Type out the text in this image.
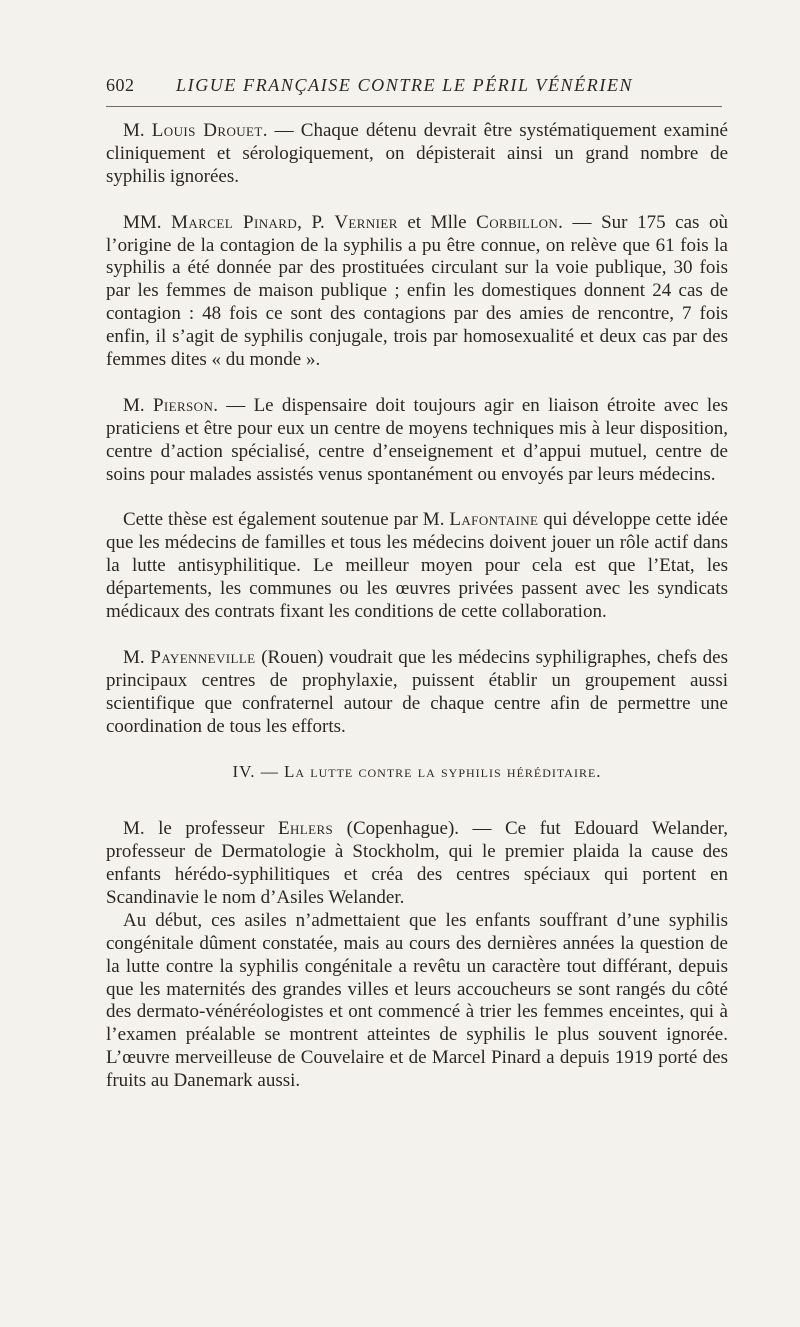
602 LIGUE FRANÇAISE CONTRE LE PÉRIL VÉNÉRIEN

M. Louis Drouet. — Chaque détenu devrait être systématiquement examiné cliniquement et sérologiquement, on dépisterait ainsi un grand nombre de syphilis ignorées.

MM. Marcel Pinard, P. Vernier et Mlle Corbillon. — Sur 175 cas où l’origine de la contagion de la syphilis a pu être connue, on relève que 61 fois la syphilis a été donnée par des prostituées circulant sur la voie publique, 30 fois par les femmes de maison publique ; enfin les domestiques donnent 24 cas de contagion : 48 fois ce sont des contagions par des amies de rencontre, 7 fois enfin, il s’agit de syphilis conjugale, trois par homosexualité et deux cas par des femmes dites « du monde ».

M. Pierson. — Le dispensaire doit toujours agir en liaison étroite avec les praticiens et être pour eux un centre de moyens techniques mis à leur disposition, centre d’action spécialisé, centre d’enseignement et d’appui mutuel, centre de soins pour malades assistés venus spontanément ou envoyés par leurs médecins.

Cette thèse est également soutenue par M. Lafontaine qui développe cette idée que les médecins de familles et tous les médecins doivent jouer un rôle actif dans la lutte antisyphilitique. Le meilleur moyen pour cela est que l’Etat, les départements, les communes ou les œuvres privées passent avec les syndicats médicaux des contrats fixant les conditions de cette collaboration.

M. Payenneville (Rouen) voudrait que les médecins syphiligraphes, chefs des principaux centres de prophylaxie, puissent établir un groupement aussi scientifique que confraternel autour de chaque centre afin de permettre une coordination de tous les efforts.

IV. — La lutte contre la syphilis héréditaire.

M. le professeur Ehlers (Copenhague). — Ce fut Edouard Welander, professeur de Dermatologie à Stockholm, qui le premier plaida la cause des enfants hérédo-syphilitiques et créa des centres spéciaux qui portent en Scandinavie le nom d’Asiles Welander.

Au début, ces asiles n’admettaient que les enfants souffrant d’une syphilis congénitale dûment constatée, mais au cours des dernières années la question de la lutte contre la syphilis congénitale a revêtu un caractère tout différant, depuis que les maternités des grandes villes et leurs accoucheurs se sont rangés du côté des dermato-vénéréologistes et ont commencé à trier les femmes enceintes, qui à l’examen préalable se montrent atteintes de syphilis le plus souvent ignorée. L’œuvre merveilleuse de Couvelaire et de Marcel Pinard a depuis 1919 porté des fruits au Danemark aussi.
